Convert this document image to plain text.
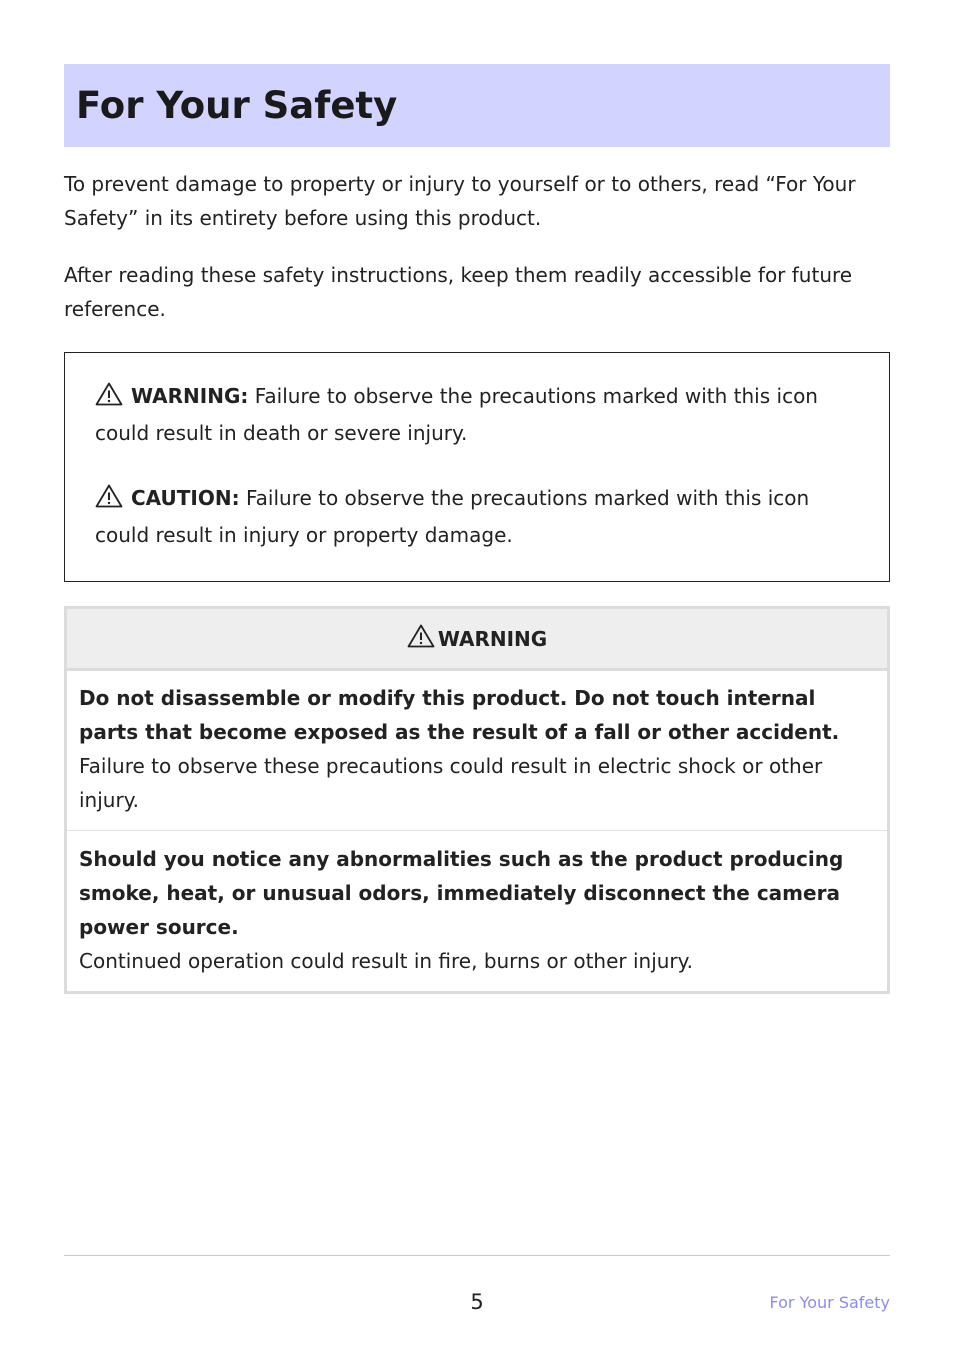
For Your Safety

To prevent damage to property or injury to yourself or to others, read “For Your Safety” in its entirety before using this product.

After reading these safety instructions, keep them readily accessible for future reference.

WARNING: Failure to observe the precautions marked with this icon could result in death or severe injury.

CAUTION: Failure to observe the precautions marked with this icon could result in injury or property damage.

WARNING

Do not disassemble or modify this product. Do not touch internal parts that become exposed as the result of a fall or other accident.

Failure to observe these precautions could result in electric shock or other injury.

Should you notice any abnormalities such as the product producing smoke, heat, or unusual odors, immediately disconnect the camera power source.

Continued operation could result in fire, burns or other injury.

5	For Your Safety
